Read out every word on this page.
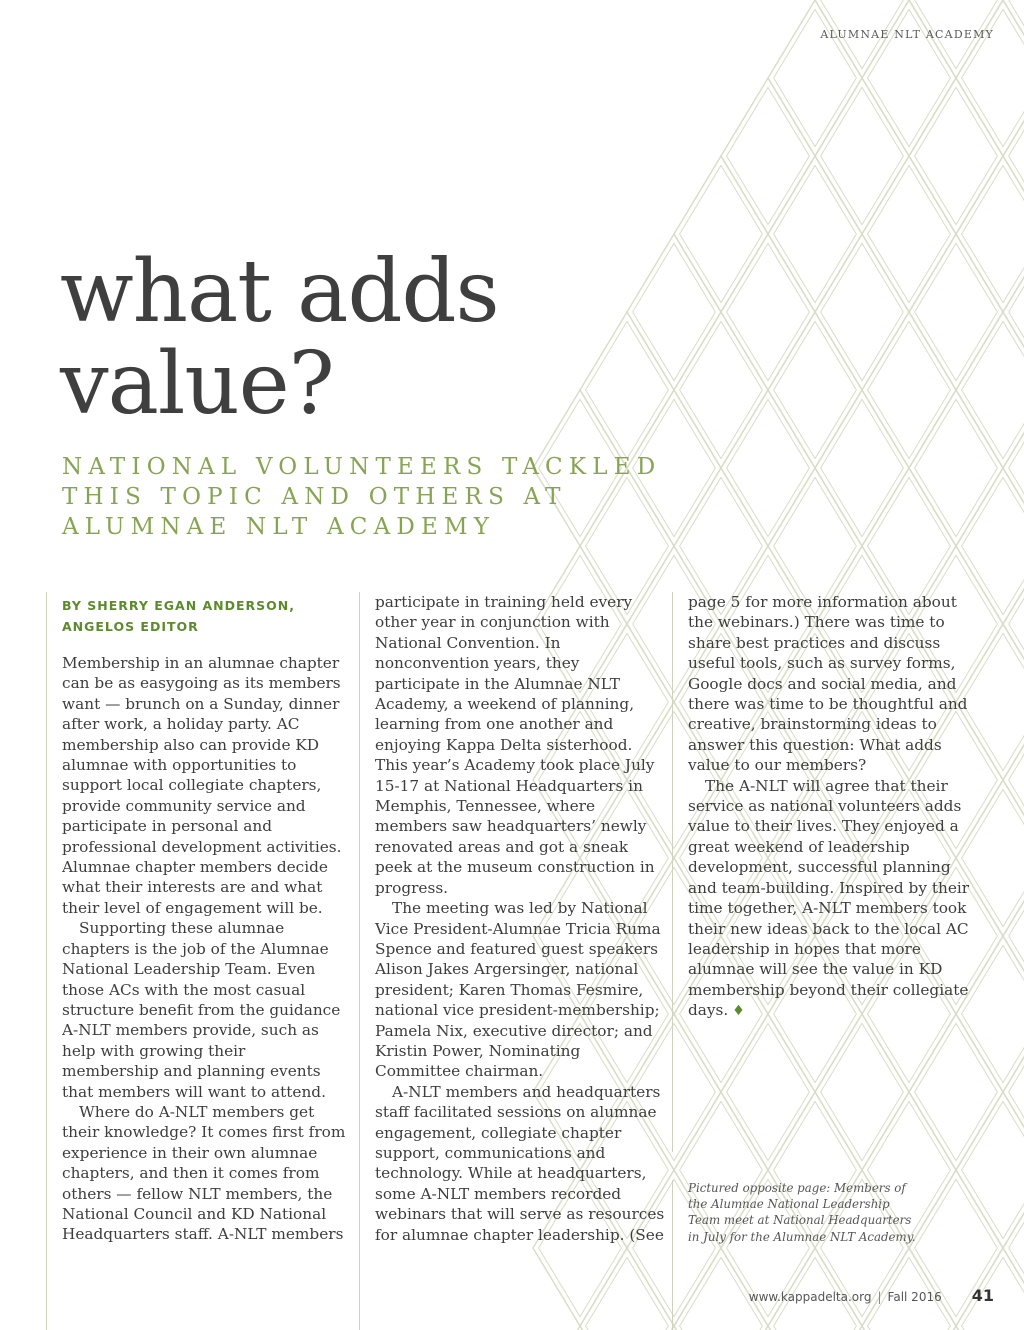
ALUMNAE NLT ACADEMY
what adds
value?
NATIONAL VOLUNTEERS TACKLED
THIS TOPIC AND OTHERS AT
ALUMNAE NLT ACADEMY
BY SHERRY EGAN ANDERSON,
ANGELOS EDITOR

Membership in an alumnae chapter can be as easygoing as its members want — brunch on a Sunday, dinner after work, a holiday party. AC membership also can provide KD alumnae with opportunities to support local collegiate chapters, provide community service and participate in personal and professional development activities. Alumnae chapter members decide what their interests are and what their level of engagement will be.

Supporting these alumnae chapters is the job of the Alumnae National Leadership Team. Even those ACs with the most casual structure benefit from the guidance A-NLT members provide, such as help with growing their membership and planning events that members will want to attend.

Where do A-NLT members get their knowledge? It comes first from experience in their own alumnae chapters, and then it comes from others — fellow NLT members, the National Council and KD National Headquarters staff. A-NLT members

participate in training held every other year in conjunction with National Convention. In nonconvention years, they participate in the Alumnae NLT Academy, a weekend of planning, learning from one another and enjoying Kappa Delta sisterhood. This year’s Academy took place July 15-17 at National Headquarters in Memphis, Tennessee, where members saw headquarters’ newly renovated areas and got a sneak peek at the museum construction in progress.

The meeting was led by National Vice President-Alumnae Tricia Ruma Spence and featured guest speakers Alison Jakes Argersinger, national president; Karen Thomas Fesmire, national vice president-membership; Pamela Nix, executive director; and Kristin Power, Nominating Committee chairman.

A-NLT members and headquarters staff facilitated sessions on alumnae engagement, collegiate chapter support, communications and technology. While at headquarters, some A-NLT members recorded webinars that will serve as resources for alumnae chapter leadership. (See

page 5 for more information about the webinars.) There was time to share best practices and discuss useful tools, such as survey forms, Google docs and social media, and there was time to be thoughtful and creative, brainstorming ideas to answer this question: What adds value to our members?

The A-NLT will agree that their service as national volunteers adds value to their lives. They enjoyed a great weekend of leadership development, successful planning and team-building. Inspired by their time together, A-NLT members took their new ideas back to the local AC leadership in hopes that more alumnae will see the value in KD membership beyond their collegiate days. ♦

Pictured opposite page: Members of the Alumnae National Leadership Team meet at National Headquarters in July for the Alumnae NLT Academy.
www.kappadelta.org | Fall 2016 41
